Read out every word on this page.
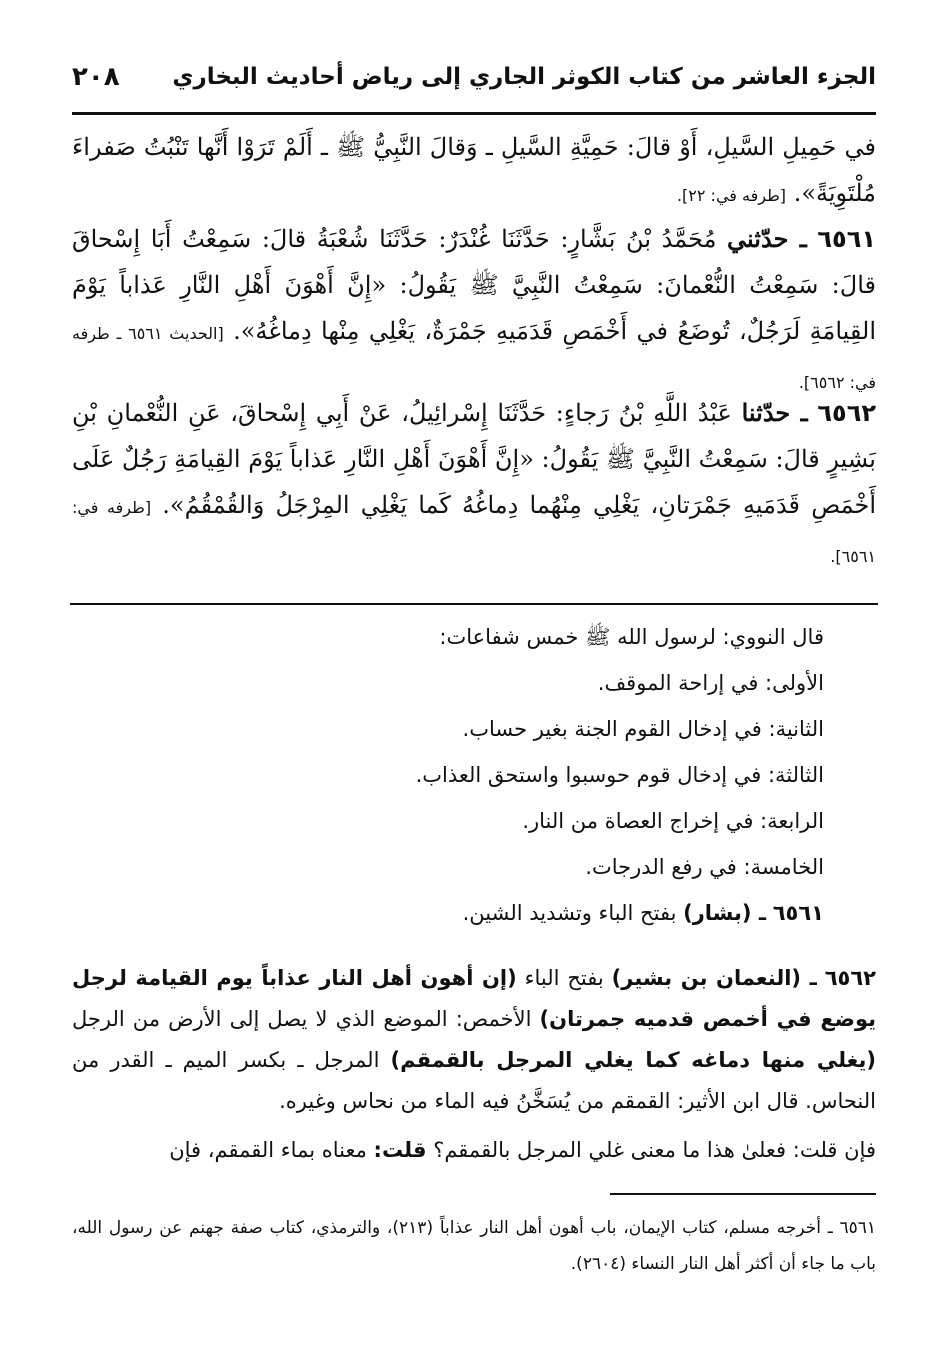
الجزء العاشر من كتاب الكوثر الجاري إلى رياض أحاديث البخاري
٢٠٨
في حَمِيلِ السَّيلِ، أَوْ قالَ: حَمِيَّةِ السَّيلِ ـ وَقالَ النَّبِيُّ ﷺ ـ أَلَمْ تَرَوْا أَنَّها تَنْبُتُ صَفراءَ مُلْتَوِيَةً». [طرفه في: ٢٢].
٦٥٦١ ـ حدّثني مُحَمَّدُ بْنُ بَشَّارٍ: حَدَّثَنَا غُنْدَرٌ: حَدَّثَنَا شُعْبَةُ قالَ: سَمِعْتُ أَبَا إِسْحاقَ قالَ: سَمِعْتُ النُّعْمانَ: سَمِعْتُ النَّبِيَّ ﷺ يَقُولُ: «إِنَّ أَهْوَنَ أَهْلِ النَّارِ عَذاباً يَوْمَ القِيامَةِ لَرَجُلٌ، تُوضَعُ في أَخْمَصِ قَدَمَيهِ جَمْرَةٌ، يَغْلِي مِنْها دِماغُهُ». [الحديث ٦٥٦١ ـ طرفه في: ٦٥٦٢].
٦٥٦٢ ـ حدّثنا عَبْدُ اللَّهِ بْنُ رَجاءٍ: حَدَّثَنَا إِسْرائِيلُ، عَنْ أَبِي إِسْحاقَ، عَنِ النُّعْمانِ بْنِ بَشِيرٍ قالَ: سَمِعْتُ النَّبِيَّ ﷺ يَقُولُ: «إِنَّ أَهْوَنَ أَهْلِ النَّارِ عَذاباً يَوْمَ القِيامَةِ رَجُلٌ عَلَى أَخْمَصِ قَدَمَيهِ جَمْرَتانِ، يَغْلِي مِنْهُما دِماغُهُ كَما يَغْلِي المِرْجَلُ وَالقُمْقُمُ». [طرفه في: ٦٥٦١].
قال النووي: لرسول الله ﷺ خمس شفاعات:
الأولى: في إراحة الموقف.
الثانية: في إدخال القوم الجنة بغير حساب.
الثالثة: في إدخال قوم حوسبوا واستحق العذاب.
الرابعة: في إخراج العصاة من النار.
الخامسة: في رفع الدرجات.
٦٥٦١ ـ (بشار) بفتح الباء وتشديد الشين.
٦٥٦٢ ـ (النعمان بن بشير) بفتح الباء (إن أهون أهل النار عذاباً يوم القيامة لرجل يوضع في أخمص قدميه جمرتان) الأخمص: الموضع الذي لا يصل إلى الأرض من الرجل (يغلي منها دماغه كما يغلي المرجل بالقمقم) المرجل ـ بكسر الميم ـ القدر من النحاس. قال ابن الأثير: القمقم من يُسَخَّنُ فيه الماء من نحاس وغيره.
فإن قلت: فعلىٰ هذا ما معنى غلي المرجل بالقمقم؟ قلت: معناه بماء القمقم، فإن
٦٥٦١ ـ أخرجه مسلم، كتاب الإيمان، باب أهون أهل النار عذاباً (٢١٣)، والترمذي، كتاب صفة جهنم عن رسول الله، باب ما جاء أن أكثر أهل النار النساء (٢٦٠٤).
